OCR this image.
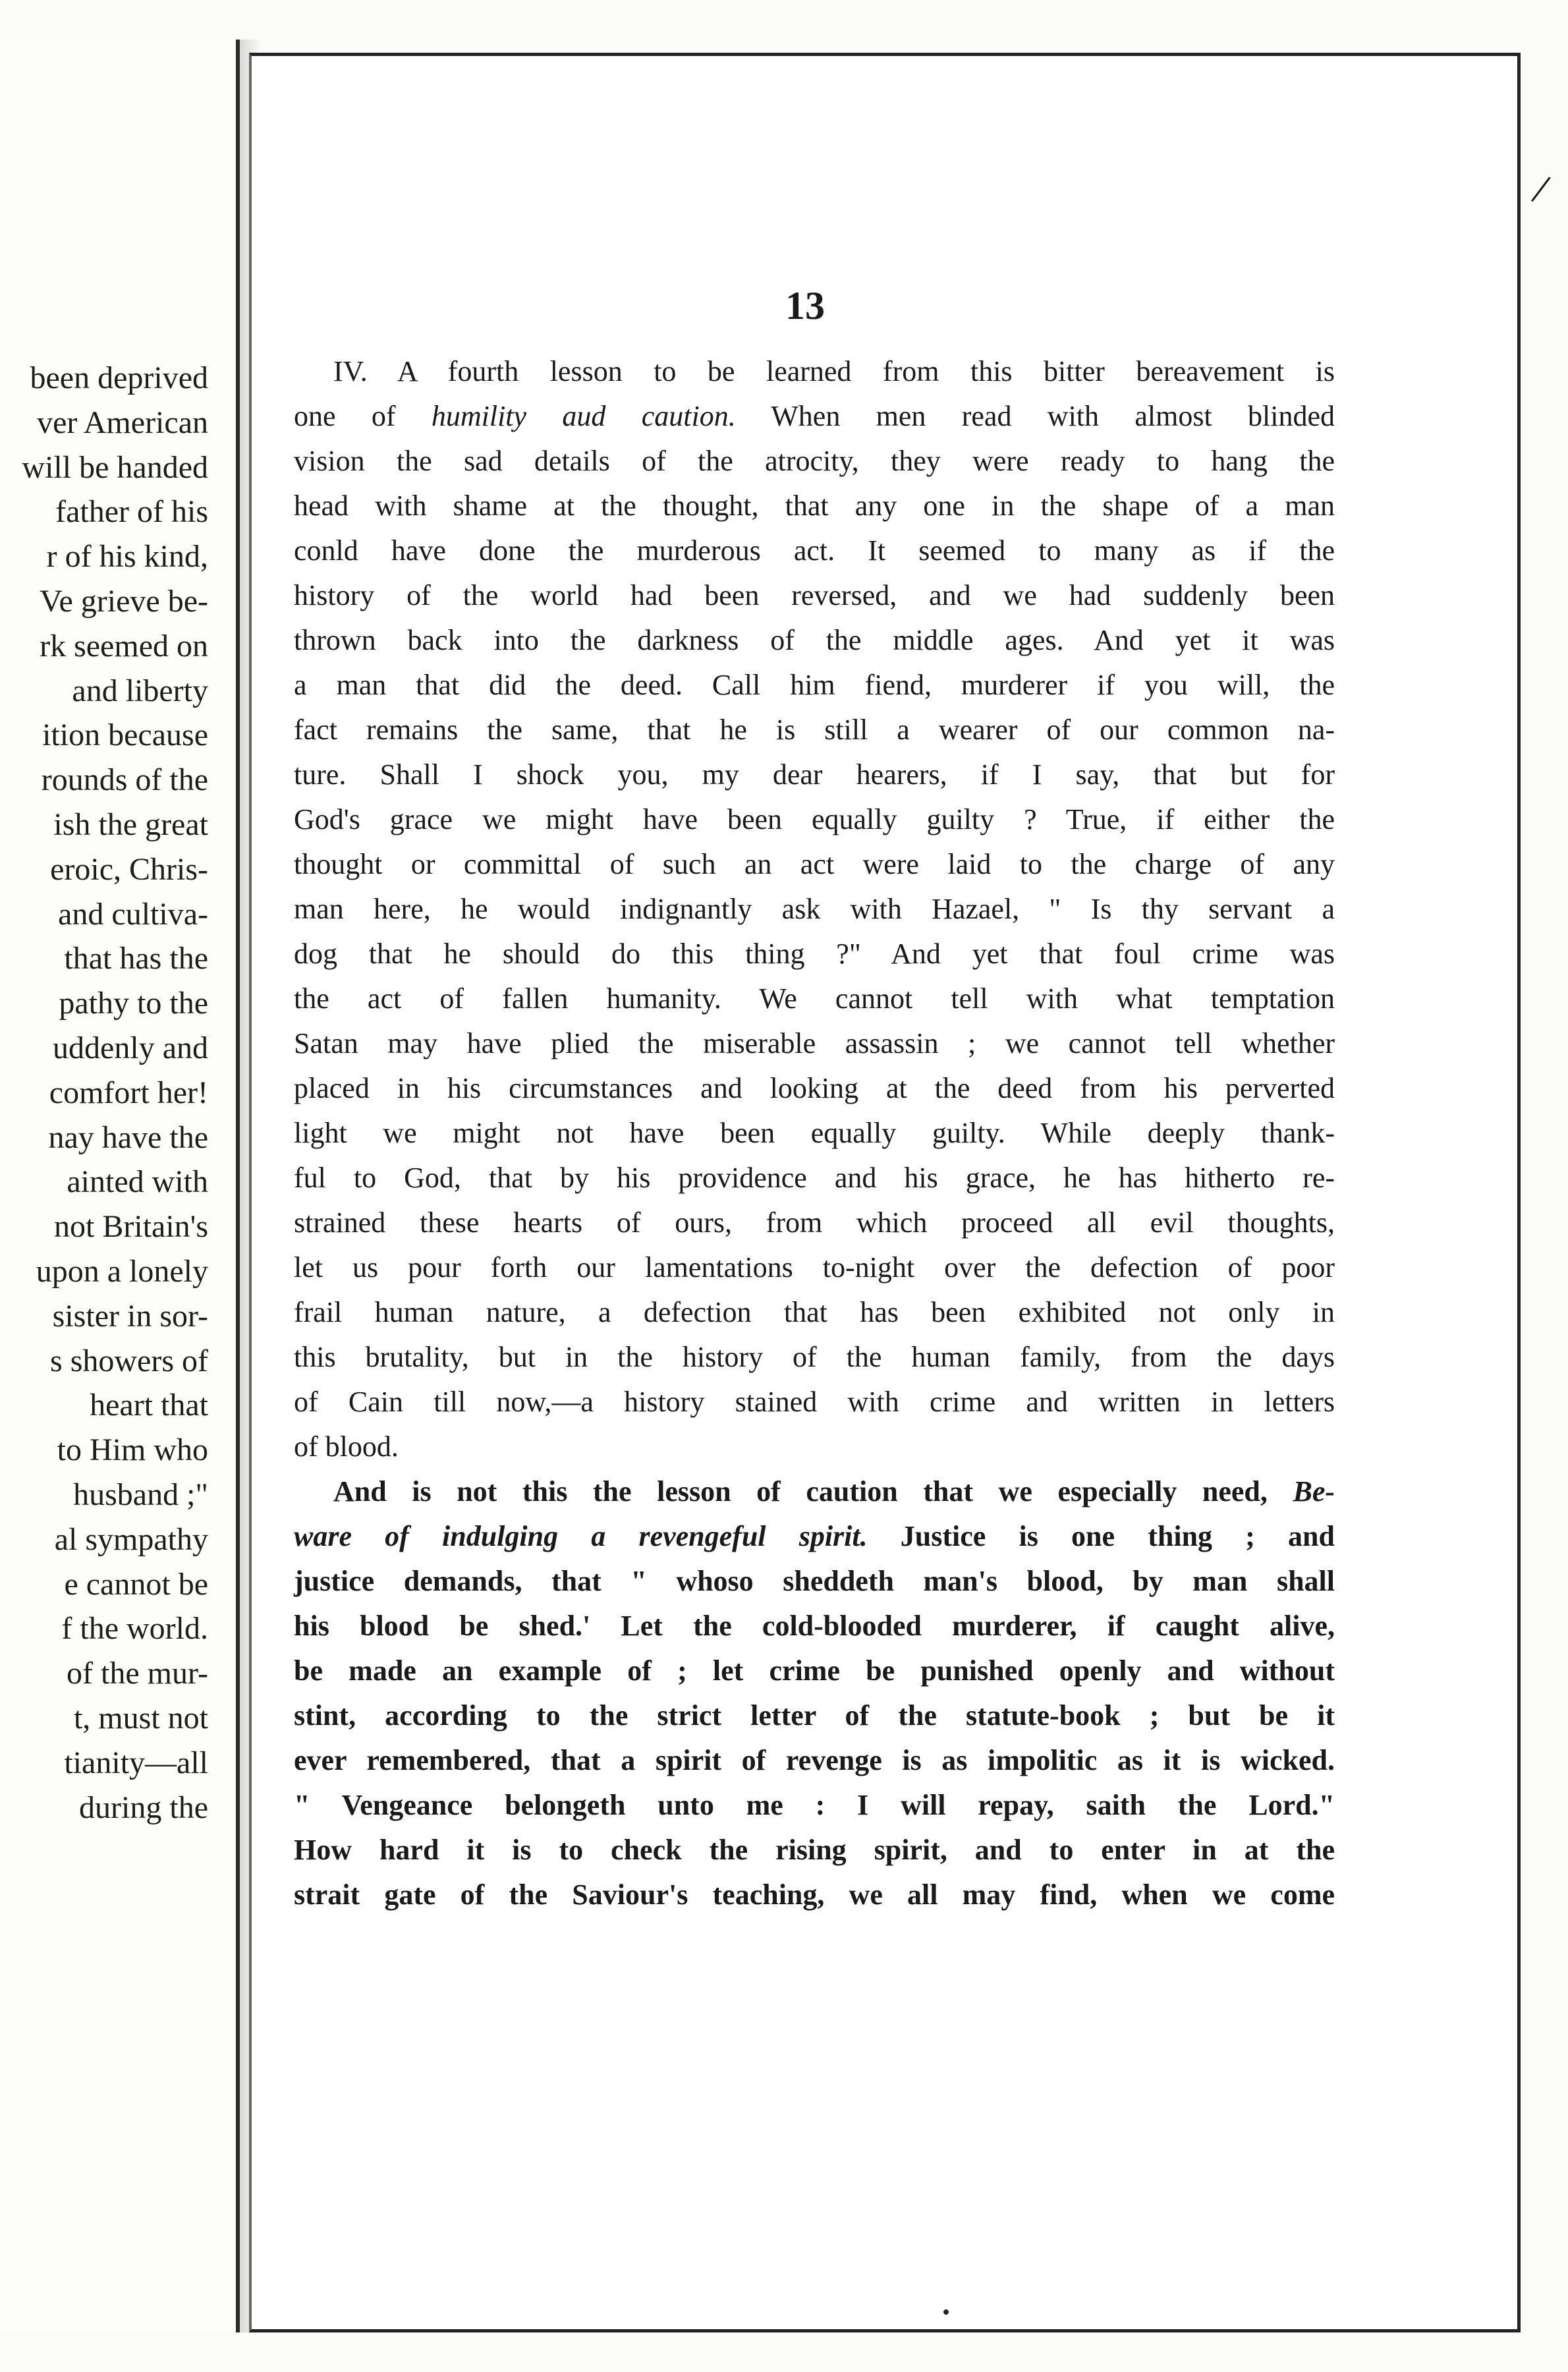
been deprived
ver American
will be handed
father of his
r of his kind,
Ve grieve be-
rk seemed on
and liberty
ition because
rounds of the
ish the great
eroic, Chris-
and cultiva-
that has the
pathy to the
uddenly and
comfort her!
nay have the
ainted with
not Britain's
upon a lonely
sister in sor-
s showers of
heart that
to Him who
husband ;"
al sympathy
e cannot be
f the world.
of the mur-
t, must not
tianity—all
during the
/
13
IV. A fourth lesson to be learned from this bitter bereavement is
one of humility aud caution. When men read with almost blinded
vision the sad details of the atrocity, they were ready to hang the
head with shame at the thought, that any one in the shape of a man
conld have done the murderous act. It seemed to many as if the
history of the world had been reversed, and we had suddenly been
thrown back into the darkness of the middle ages. And yet it was
a man that did the deed. Call him fiend, murderer if you will, the
fact remains the same, that he is still a wearer of our common na-
ture. Shall I shock you, my dear hearers, if I say, that but for
God's grace we might have been equally guilty ? True, if either the
thought or committal of such an act were laid to the charge of any
man here, he would indignantly ask with Hazael, " Is thy servant a
dog that he should do this thing ?" And yet that foul crime was
the act of fallen humanity. We cannot tell with what temptation
Satan may have plied the miserable assassin ; we cannot tell whether
placed in his circumstances and looking at the deed from his perverted
light we might not have been equally guilty. While deeply thank-
ful to God, that by his providence and his grace, he has hitherto re-
strained these hearts of ours, from which proceed all evil thoughts,
let us pour forth our lamentations to-night over the defection of poor
frail human nature, a defection that has been exhibited not only in
this brutality, but in the history of the human family, from the days
of Cain till now,—a history stained with crime and written in letters
of blood.
And is not this the lesson of caution that we especially need, Be-
ware of indulging a revengeful spirit. Justice is one thing ; and
justice demands, that " whoso sheddeth man's blood, by man shall
his blood be shed.' Let the cold-blooded murderer, if caught alive,
be made an example of ; let crime be punished openly and without
stint, according to the strict letter of the statute-book ; but be it
ever remembered, that a spirit of revenge is as impolitic as it is wicked.
" Vengeance belongeth unto me : I will repay, saith the Lord."
How hard it is to check the rising spirit, and to enter in at the
strait gate of the Saviour's teaching, we all may find, when we come
